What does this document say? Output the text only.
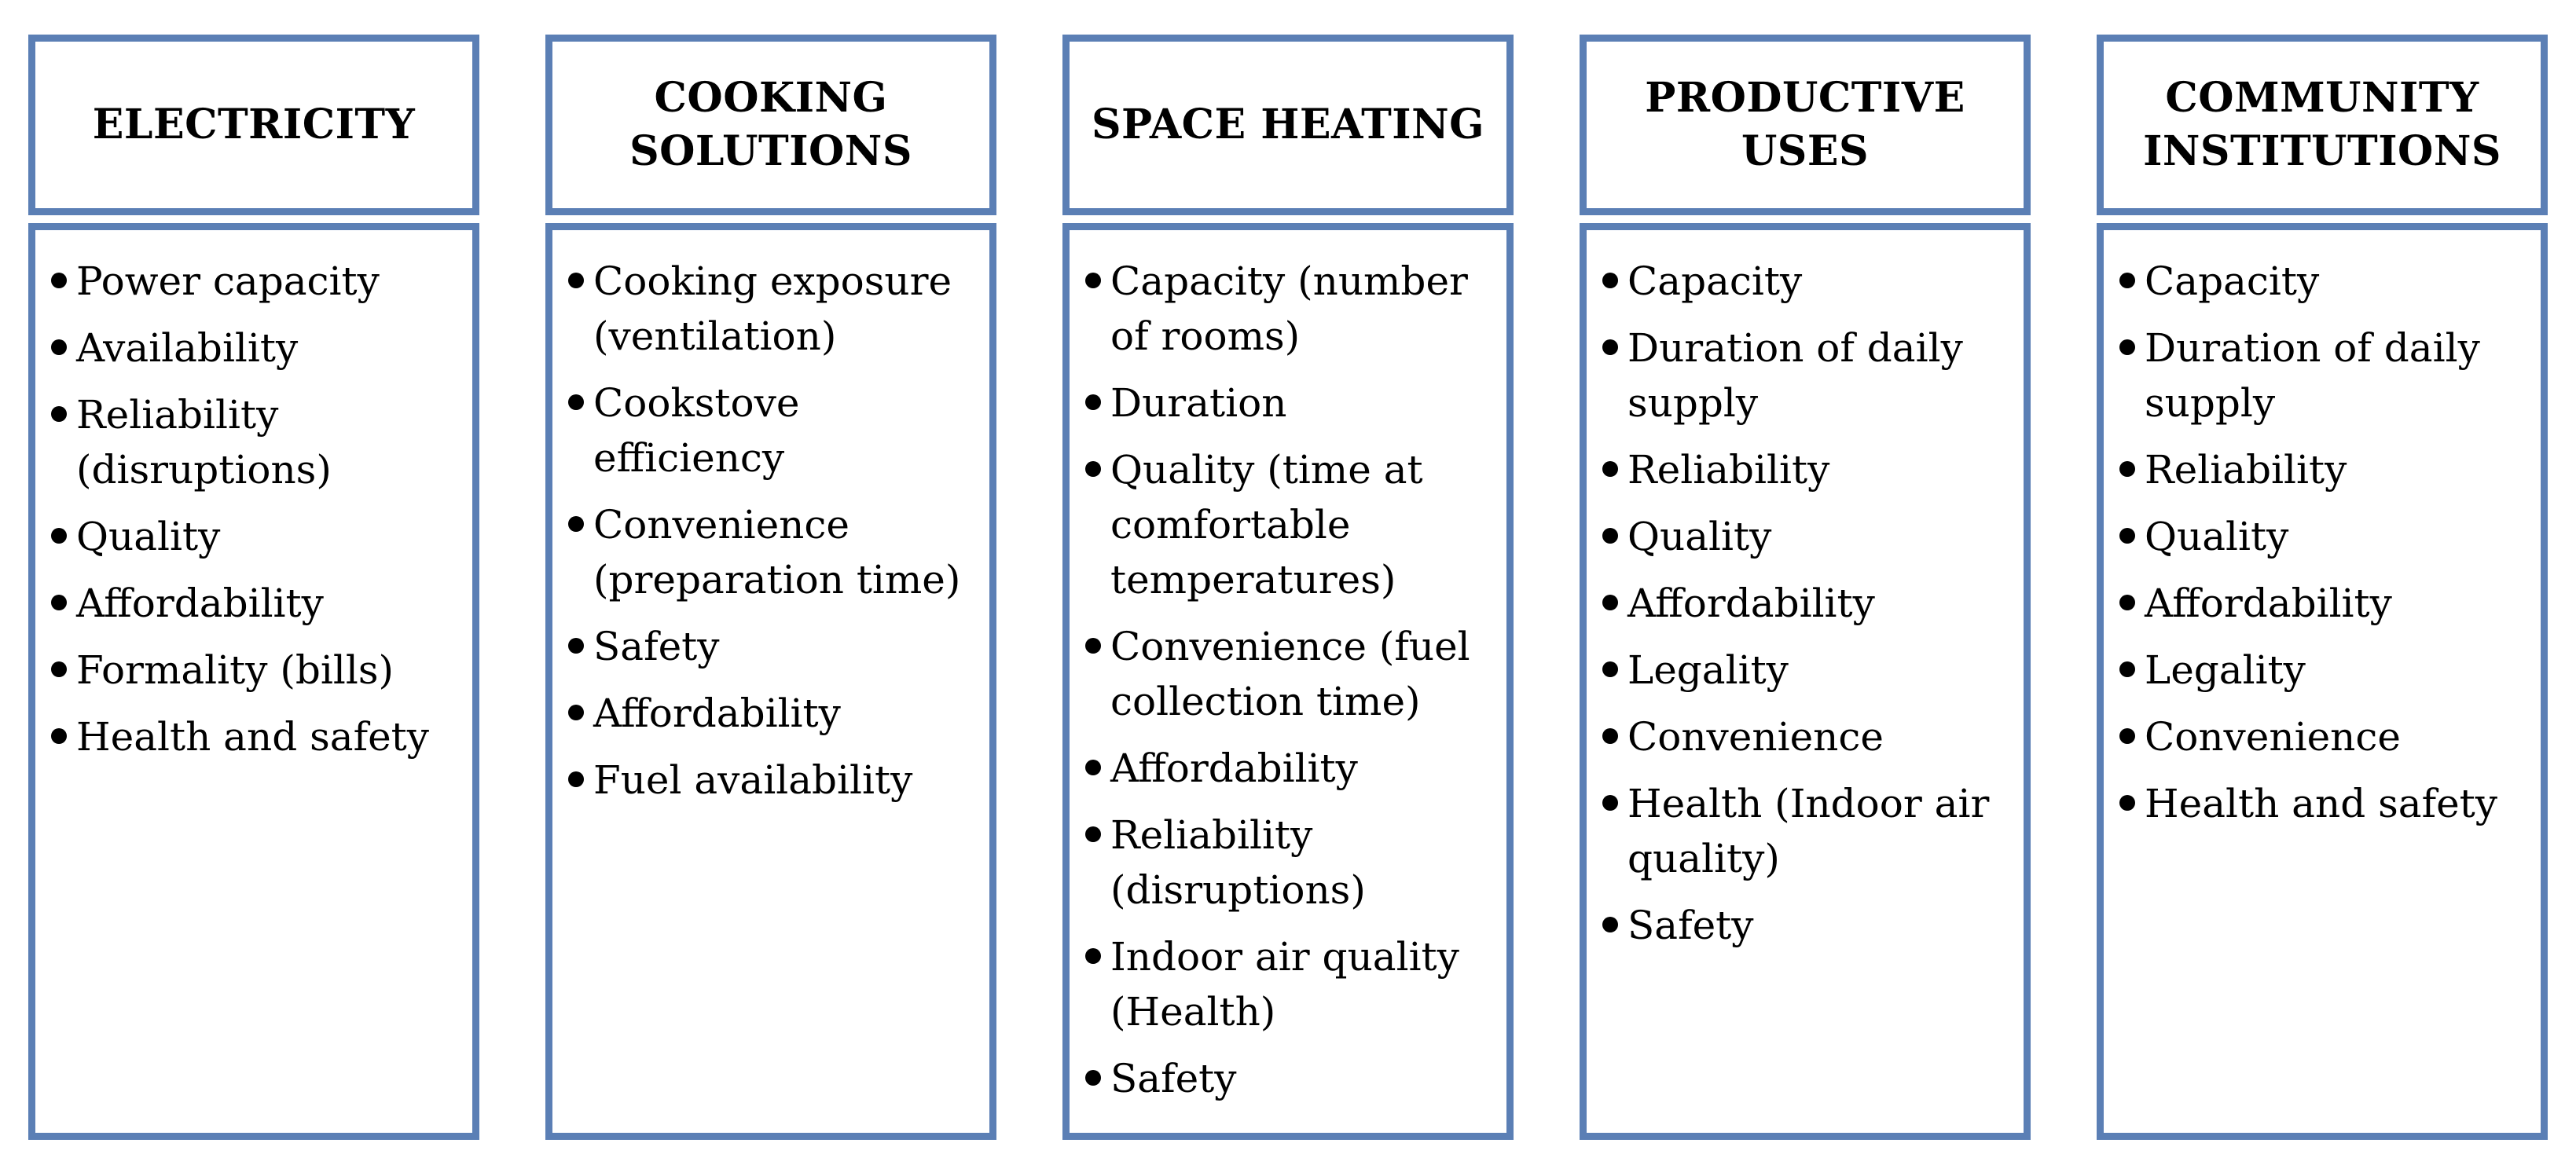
ELECTRICITY
Power capacity
Availability
Reliability (disruptions)
Quality
Affordability
Formality (bills)
Health and safety
COOKING SOLUTIONS
Cooking exposure (ventilation)
Cookstove efficiency
Convenience (preparation time)
Safety
Affordability
Fuel availability
SPACE HEATING
Capacity (number of rooms)
Duration
Quality (time at comfortable temperatures)
Convenience (fuel collection time)
Affordability
Reliability (disruptions)
Indoor air quality (Health)
Safety
PRODUCTIVE USES
Capacity
Duration of daily supply
Reliability
Quality
Affordability
Legality
Convenience
Health (Indoor air quality)
Safety
COMMUNITY INSTITUTIONS
Capacity
Duration of daily supply
Reliability
Quality
Affordability
Legality
Convenience
Health and safety
